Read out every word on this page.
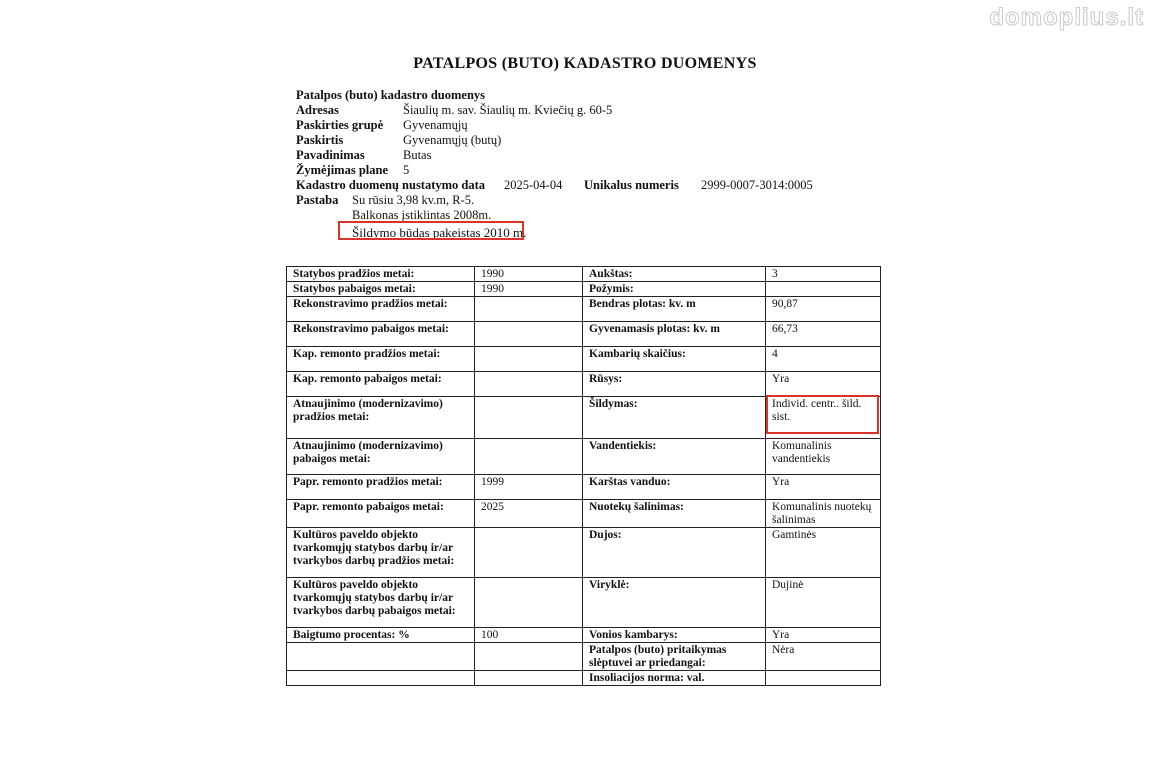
domoplius.lt
PATALPOS (BUTO) KADASTRO DUOMENYS
Patalpos (buto) kadastro duomenys
Adresas	Šiaulių m. sav. Šiaulių m. Kviečių g. 60-5
Paskirties grupė Gyvenamųjų
Paskirtis	Gyvenamųjų (butų)
Pavadinimas	Butas
Žymėjimas plane 5
Kadastro duomenų nustatymo data 2025-04-04 Unikalus numeris 2999-0007-3014:0005
Pastaba Su rūsiu 3,98 kv.m, R-5.
Balkonas įstiklintas 2008m.
Šildymo būdas pakeistas 2010 m.
Statybos pradžios metai:	1990	Aukštas:	3
Statybos pabaigos metai:	1990	Požymis:	
Rekonstravimo pradžios metai:		Bendras plotas: kv. m	90,87
Rekonstravimo pabaigos metai:		Gyvenamasis plotas: kv. m	66,73
Kap. remonto pradžios metai:		Kambarių skaičius:	4
Kap. remonto pabaigos metai:		Rūsys:	Yra
Atnaujinimo (modernizavimo) pradžios metai:		Šildymas:	Individ. centr.. šild. sist.
Atnaujinimo (modernizavimo) pabaigos metai:		Vandentiekis:	Komunalinis vandentiekis
Papr. remonto pradžios metai:	1999	Karštas vanduo:	Yra
Papr. remonto pabaigos metai:	2025	Nuotekų šalinimas:	Komunalinis nuotekų šalinimas
Kultūros paveldo objekto tvarkomųjų statybos darbų ir/ar tvarkybos darbų pradžios metai:		Dujos:	Gamtinės
Kultūros paveldo objekto tvarkomųjų statybos darbų ir/ar tvarkybos darbų pabaigos metai:		Viryklė:	Dujinė
Baigtumo procentas: %	100	Vonios kambarys:	Yra
		Patalpos (buto) pritaikymas slėptuvei ar priedangai:	Nėra
		Insoliacijos norma: val.	
